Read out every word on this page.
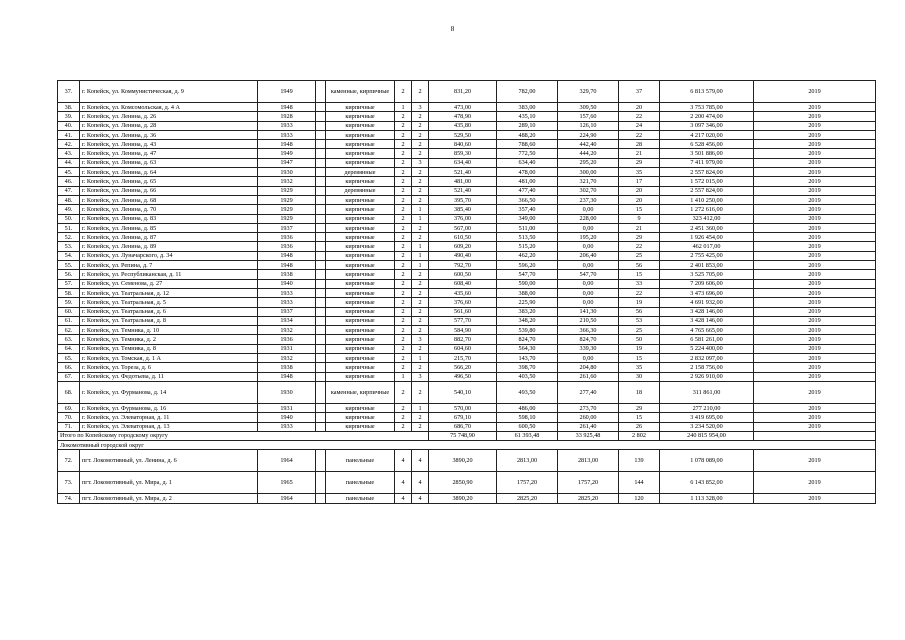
8
37.	г. Копейск, ул. Коммунистическая, д. 9	1949		каменные, кирпичные	2	2	831,20	782,00	329,70	37	6 813 579,00	2019
38.	г. Копейск, ул. Комсомольская, д. 4 А	1948		кирпичные	1	3	473,00	383,00	309,50	20	3 753 785,00	2019
39.	г. Копейск, ул. Ленина, д. 26	1928		кирпичные	2	2	478,90	435,10	157,60	22	2 200 474,00	2019
40.	г. Копейск, ул. Ленина, д. 28	1933		кирпичные	2	2	435,80	289,10	126,10	24	3 097 346,00	2019
41.	г. Копейск, ул. Ленина, д. 36	1933		кирпичные	2	2	529,50	488,20	224,90	22	4 217 020,00	2019
42.	г. Копейск, ул. Ленина, д. 43	1948		кирпичные	2	2	840,60	788,60	442,40	28	6 528 456,00	2019
43.	г. Копейск, ул. Ленина, д. 47	1949		кирпичные	2	2	859,30	772,50	444,20	21	3 501 886,00	2019
44.	г. Копейск, ул. Ленина, д. 63	1947		кирпичные	2	3	634,40	634,40	295,20	29	7 411 979,00	2019
45.	г. Копейск, ул. Ленина, д. 64	1930		деревянные	2	2	521,40	478,00	300,00	35	2 557 824,00	2019
46.	г. Копейск, ул. Ленина, д. 65	1932		кирпичные	2	2	481,00	481,00	321,70	17	1 572 015,00	2019
47.	г. Копейск, ул. Ленина, д. 66	1929		деревянные	2	2	521,40	477,40	302,70	20	2 557 824,00	2019
48.	г. Копейск, ул. Ленина, д. 68	1929		кирпичные	2	2	395,70	366,50	237,30	20	1 410 250,00	2019
49.	г. Копейск, ул. Ленина, д. 70	1929		кирпичные	2	1	385,40	357,40	0,00	15	1 272 616,00	2019
50.	г. Копейск, ул. Ленина, д. 83	1929		кирпичные	2	1	376,00	349,00	228,00	9	323 412,00	2019
51.	г. Копейск, ул. Ленина, д. 85	1937		кирпичные	2	2	567,00	511,00	0,00	21	2 451 360,00	2019
52.	г. Копейск, ул. Ленина, д. 87	1936		кирпичные	2	2	610,50	513,50	195,20	29	1 926 454,00	2019
53.	г. Копейск, ул. Ленина, д. 89	1936		кирпичные	2	1	609,20	515,20	0,00	22	462 017,00	2019
54.	г. Копейск, ул. Луначарского, д. 34	1948		кирпичные	2	1	490,40	462,20	206,40	25	2 755 425,00	2019
55.	г. Копейск, ул. Репина, д. 7	1948		кирпичные	2	1	792,70	596,20	0,00	56	2 401 853,00	2019
56.	г. Копейск, ул. Республиканская, д. 11	1938		кирпичные	2	2	600,50	547,70	547,70	15	3 525 705,00	2019
57.	г. Копейск, ул. Семенова, д. 27	1940		кирпичные	2	2	608,40	590,00	0,00	33	7 209 606,00	2019
58.	г. Копейск, ул. Театральная, д. 12	1933		кирпичные	2	2	435,60	388,00	0,00	22	3 473 696,00	2019
59.	г. Копейск, ул. Театральная, д. 5	1933		кирпичные	2	2	376,60	225,90	0,00	19	4 691 932,00	2019
60.	г. Копейск, ул. Театральная, д. 6	1937		кирпичные	2	2	561,60	383,20	141,30	56	3 428 146,00	2019
61.	г. Копейск, ул. Театральная, д. 8	1934		кирпичные	2	2	577,70	348,20	210,50	53	3 428 146,00	2019
62.	г. Копейск, ул. Темника, д. 10	1932		кирпичные	2	2	584,90	539,80	366,30	25	4 765 665,00	2019
63.	г. Копейск, ул. Темника, д. 2	1936		кирпичные	2	3	882,70	824,70	824,70	50	6 581 261,00	2019
64.	г. Копейск, ул. Темника, д. 8	1931		кирпичные	2	2	604,60	564,30	339,30	19	5 224 400,00	2019
65.	г. Копейск, ул. Томская, д. 1 А	1932		кирпичные	2	1	215,70	143,70	0,00	15	2 832 097,00	2019
66.	г. Копейск, ул. Торезa, д. 6	1938		кирпичные	2	2	566,20	398,70	204,80	35	2 158 756,00	2019
67.	г. Копейск, ул. Федотьева, д. 11	1948		кирпичные	1	3	496,50	403,50	261,60	30	2 926 910,00	2019
68.	г. Копейск, ул. Фурманова, д. 14	1930		каменные, кирпичные	2	2	540,10	493,50	277,40	18	311 861,00	2019
69.	г. Копейск, ул. Фурманова, д. 16	1931		кирпичные	2	1	570,00	486,00	273,70	29	277 210,00	2019
70.	г. Копейск, ул. Элеваторная, д. 11	1940		кирпичные	2	2	679,10	598,10	260,00	15	3 419 695,00	2019
71.	г. Копейск, ул. Элеваторная, д. 13	1933		кирпичные	2	2	686,70	600,50	261,40	26	3 234 520,00	2019
Итого по Копейскому городскому округу							75 748,90	61 393,48	33 925,48	2 802	240 815 954,00	
Локомотивный городской округ												
72.	пгт. Локомотивный, ул. Ленина, д. 6	1964		панельные	4	4	3890,20	2813,00	2813,00	139	1 078 089,00	2019
73.	пгт. Локомотивный, ул. Мира, д. 1	1965		панельные	4	4	2850,90	1757,20	1757,20	144	6 143 852,00	2019
74.	пгт. Локомотивный, ул. Мира, д. 2	1964		панельные	4	4	3890,20	2825,20	2825,20	120	1 113 328,00	2019
